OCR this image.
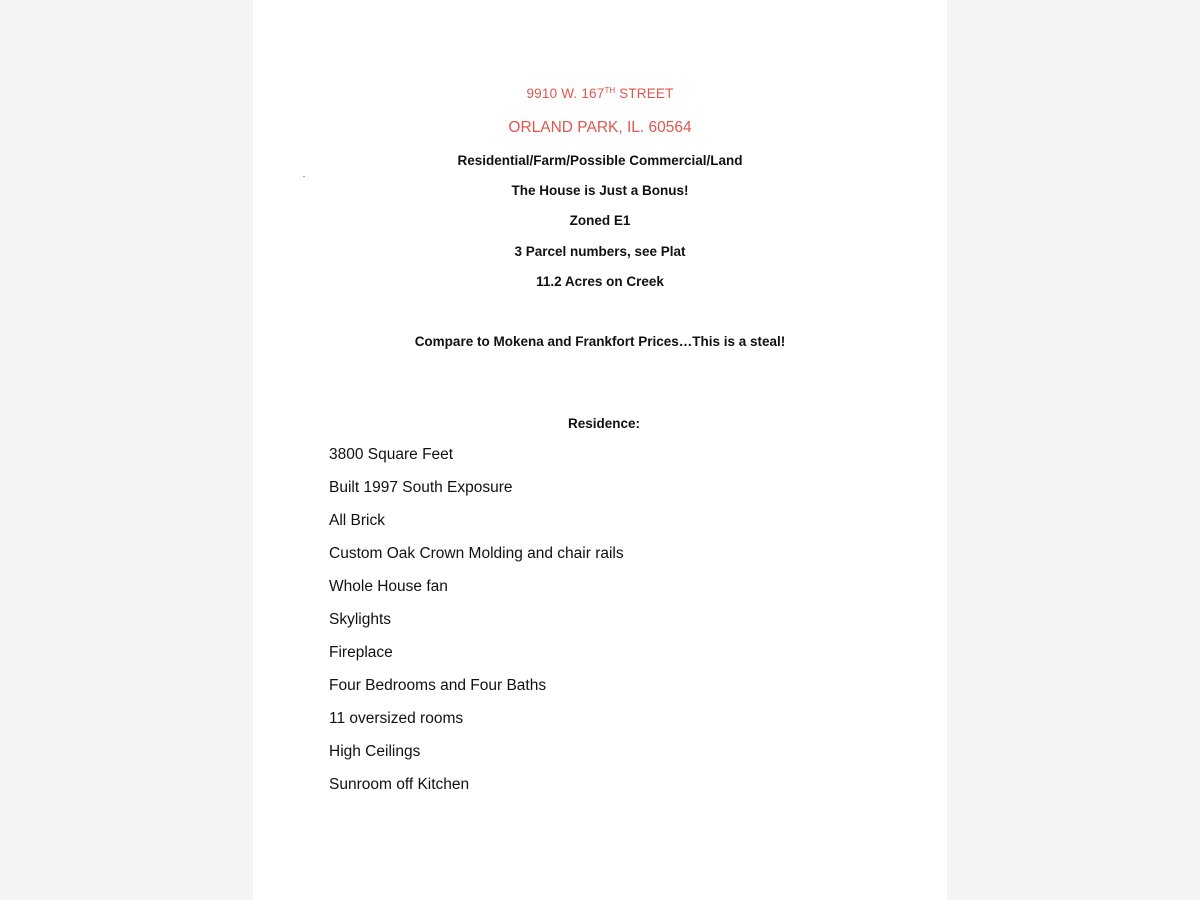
9910 W. 167TH STREET
ORLAND PARK, IL. 60564
Residential/Farm/Possible Commercial/Land
The House is Just a Bonus!
Zoned E1
3 Parcel numbers, see Plat
11.2 Acres on Creek
Compare to Mokena and Frankfort Prices…This is a steal!
Residence:
3800 Square Feet
Built 1997 South Exposure
All Brick
Custom Oak Crown Molding and chair rails
Whole House fan
Skylights
Fireplace
Four Bedrooms and Four Baths
11 oversized rooms
High Ceilings
Sunroom off Kitchen
